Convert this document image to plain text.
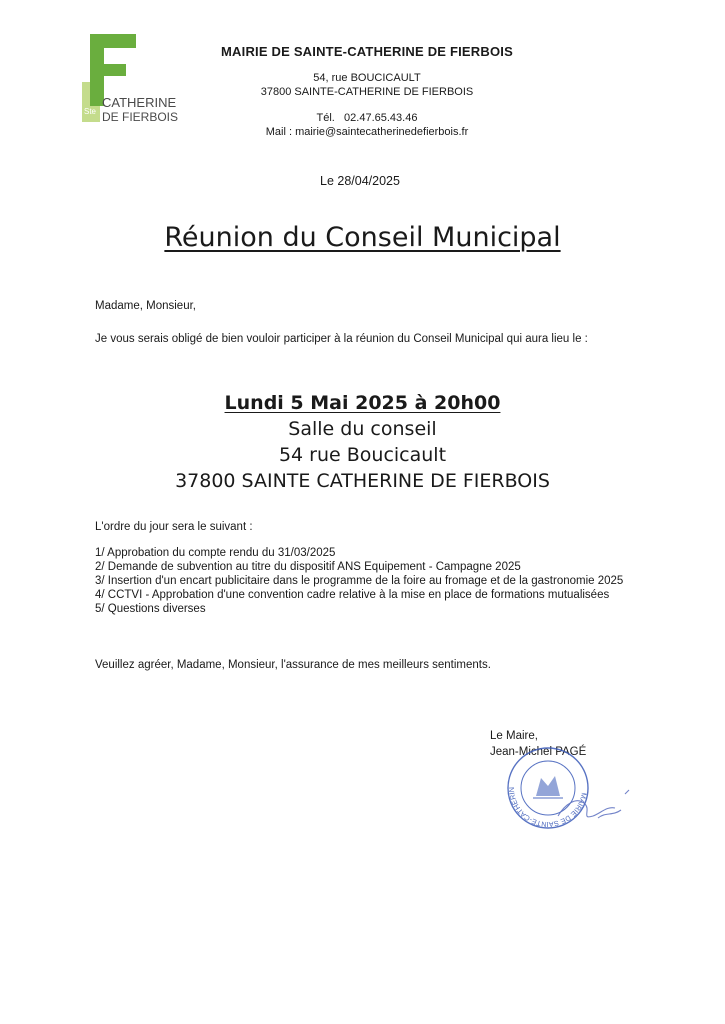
Ste
CATHERINE
DE FIERBOIS
MAIRIE DE SAINTE-CATHERINE DE FIERBOIS
54, rue BOUCICAULT
37800 SAINTE-CATHERINE DE FIERBOIS
Tél.   02.47.65.43.46
Mail : mairie@saintecatherinedefierbois.fr
Le 28/04/2025
Réunion du Conseil Municipal
Madame, Monsieur,
Je vous serais obligé de bien vouloir participer à la réunion du Conseil Municipal qui aura lieu le :
Lundi 5 Mai 2025 à 20h00
Salle du conseil
54 rue Boucicault
37800 SAINTE CATHERINE DE FIERBOIS
L'ordre du jour sera le suivant :
1/ Approbation du compte rendu du 31/03/2025
2/ Demande de subvention au titre du dispositif ANS Equipement - Campagne 2025
3/ Insertion d'un encart publicitaire dans le programme de la foire au fromage et de la gastronomie 2025
4/ CCTVI - Approbation d'une convention cadre relative à la mise en place de formations mutualisées
5/ Questions diverses
Veuillez agréer, Madame, Monsieur, l'assurance de mes meilleurs sentiments.
Le Maire,
Jean-Michel PAGÉ
MAIRIE DE SAINTE-CATHERIN
